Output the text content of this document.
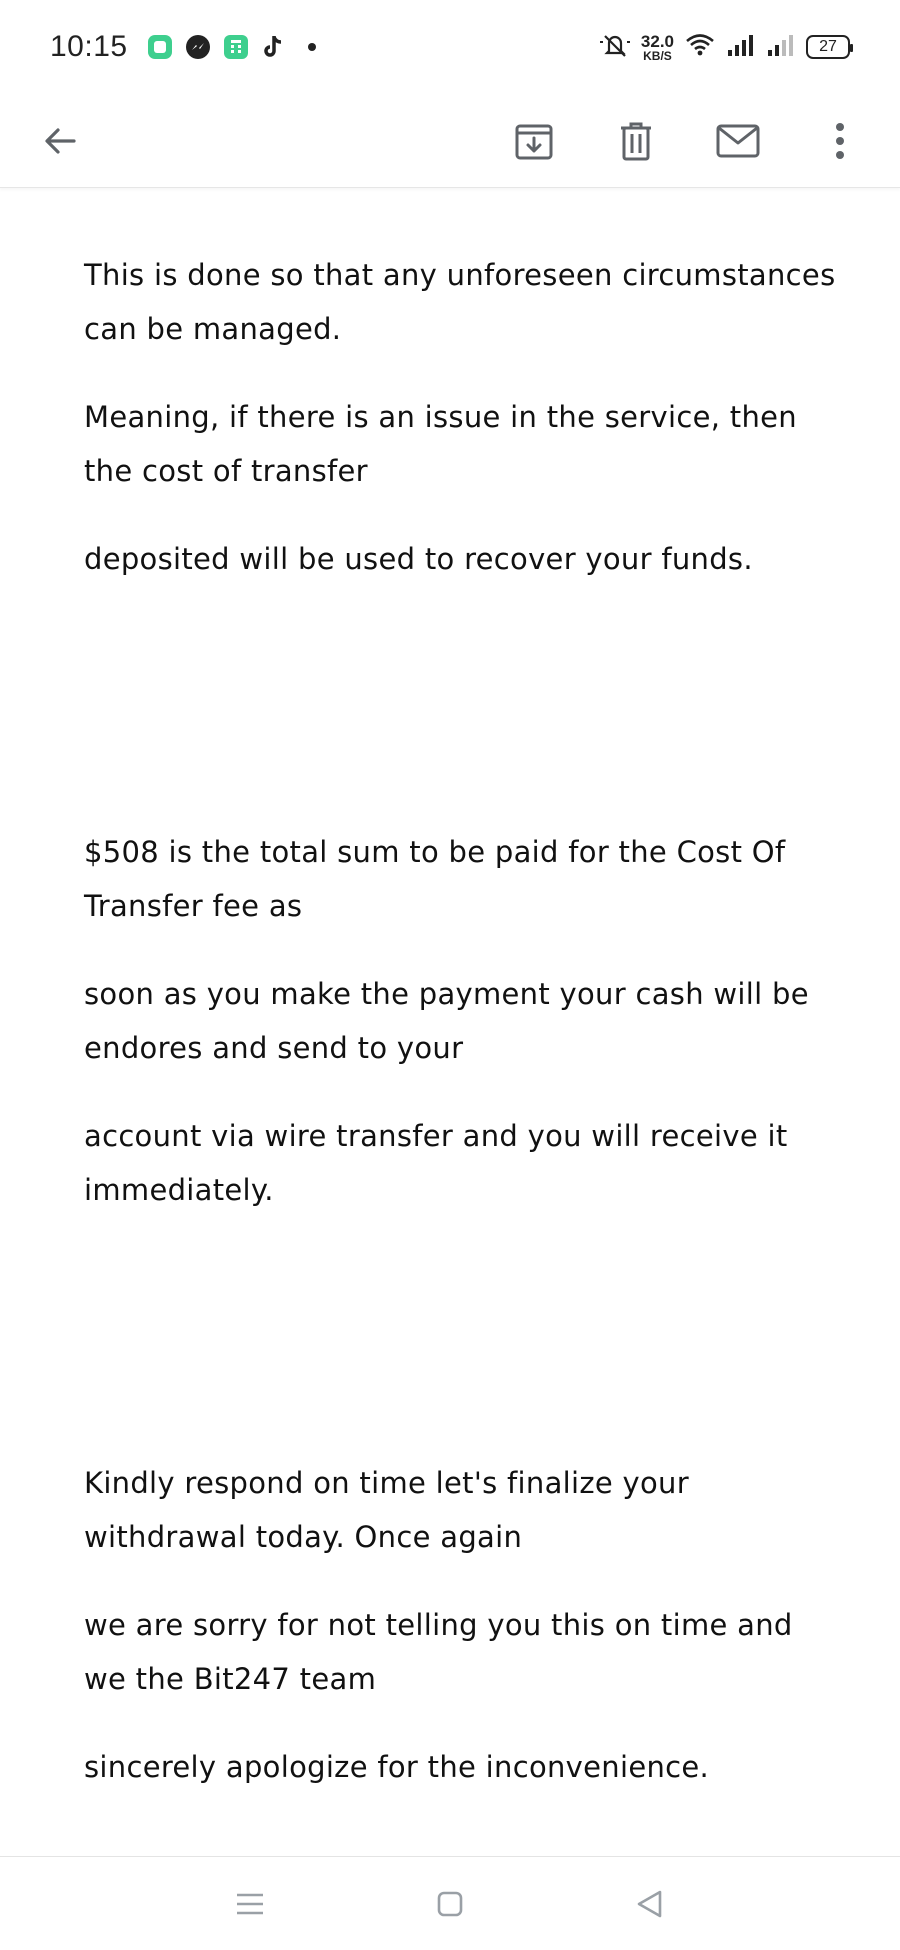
10:15	32.0
KB/S
27

This is done so that any unforeseen circumstances can be managed.

Meaning, if there is an issue in the service, then the cost of transfer

deposited will be used to recover your funds.

$508 is the total sum to be paid for the Cost Of Transfer fee as

soon as you make the payment your cash will be endores and send to your

account via wire transfer and you will receive it immediately.

Kindly respond on time let's finalize your withdrawal today. Once again

we are sorry for not telling you this on time and we the Bit247 team

sincerely apologize for the inconvenience.
